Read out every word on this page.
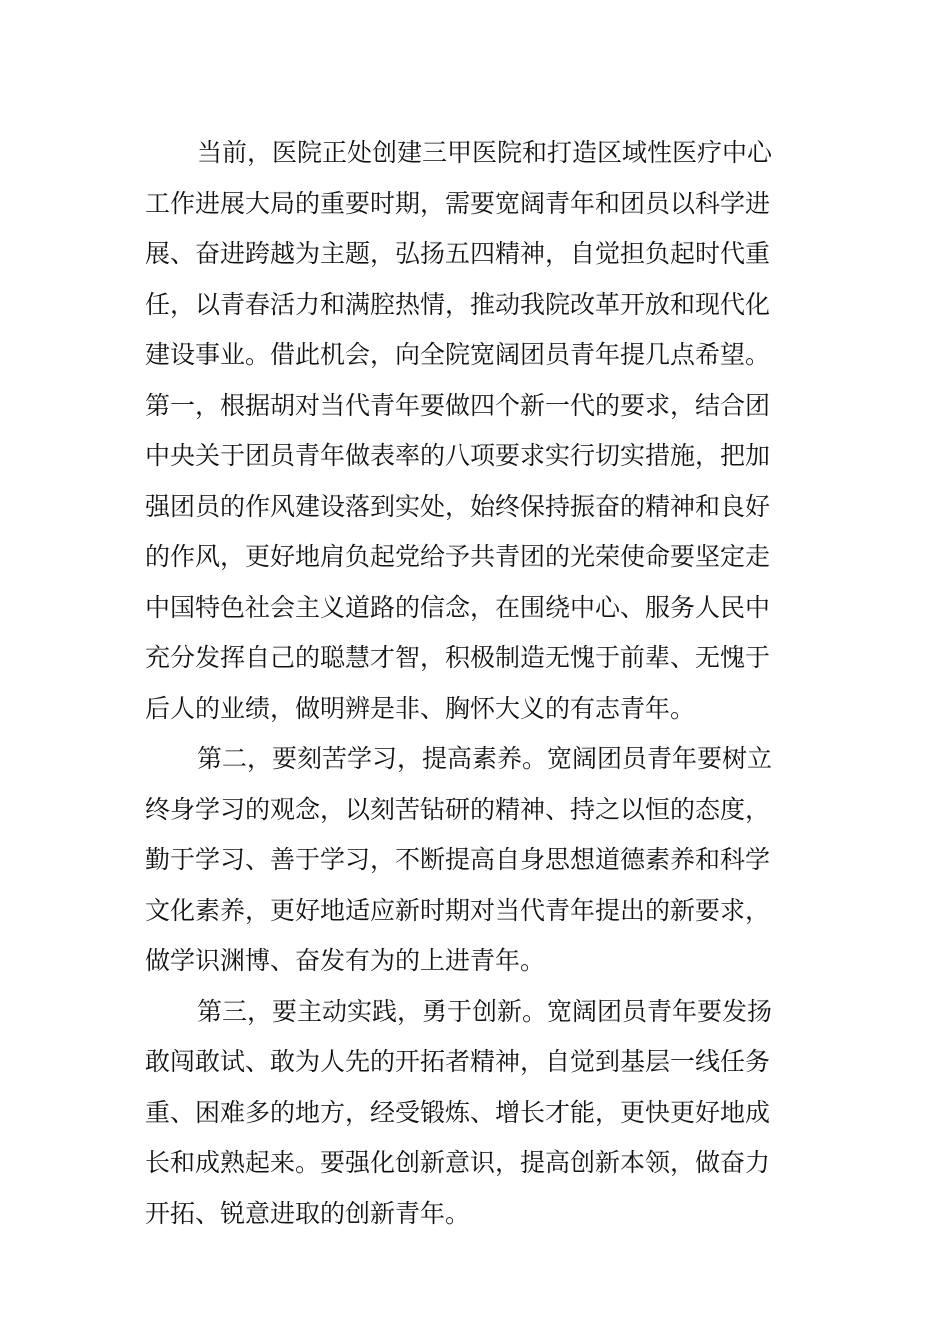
当前，医院正处创建三甲医院和打造区域性医疗中心
工作进展大局的重要时期，需要宽阔青年和团员以科学进
展、奋进跨越为主题，弘扬五四精神，自觉担负起时代重
任，以青春活力和满腔热情，推动我院改革开放和现代化
建设事业。借此机会，向全院宽阔团员青年提几点希望。
第一，根据胡对当代青年要做四个新一代的要求，结合团
中央关于团员青年做表率的八项要求实行切实措施，把加
强团员的作风建设落到实处，始终保持振奋的精神和良好
的作风，更好地肩负起党给予共青团的光荣使命要坚定走
中国特色社会主义道路的信念，在围绕中心、服务人民中
充分发挥自己的聪慧才智，积极制造无愧于前辈、无愧于
后人的业绩，做明辨是非、胸怀大义的有志青年。
第二，要刻苦学习，提高素养。宽阔团员青年要树立
终身学习的观念，以刻苦钻研的精神、持之以恒的态度，
勤于学习、善于学习，不断提高自身思想道德素养和科学
文化素养，更好地适应新时期对当代青年提出的新要求，
做学识渊博、奋发有为的上进青年。
第三，要主动实践，勇于创新。宽阔团员青年要发扬
敢闯敢试、敢为人先的开拓者精神，自觉到基层一线任务
重、困难多的地方，经受锻炼、增长才能，更快更好地成
长和成熟起来。要强化创新意识，提高创新本领，做奋力
开拓、锐意进取的创新青年。
